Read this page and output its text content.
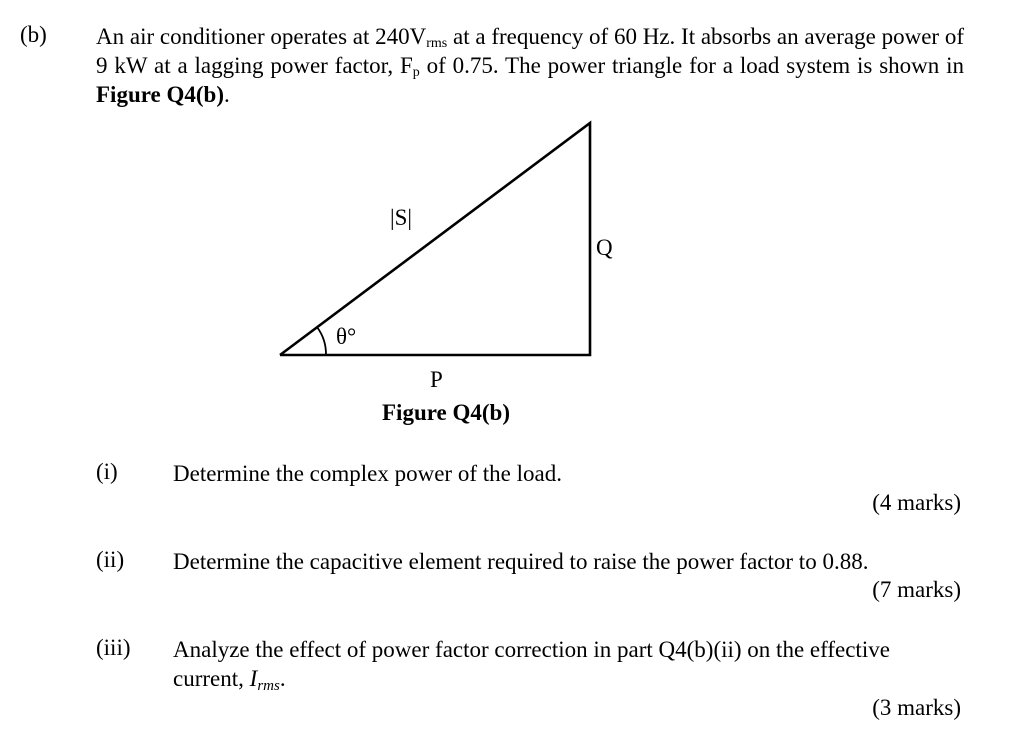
(b) An air conditioner operates at $240V_{rms}$ at a frequency of 60 Hz. It absorbs an average power of 9 kW at a lagging power factor, $F_p$ of 0.75. The power triangle for a load system is shown in Figure Q4(b).
|S|
Q
θ°
P
Figure Q4(b)
(i) Determine the complex power of the load.
(4 marks)
(ii) Determine the capacitive element required to raise the power factor to 0.88.
(7 marks)
(iii) Analyze the effect of power factor correction in part Q4(b)(ii) on the effective current, $I_{rms}$.
(3 marks)
